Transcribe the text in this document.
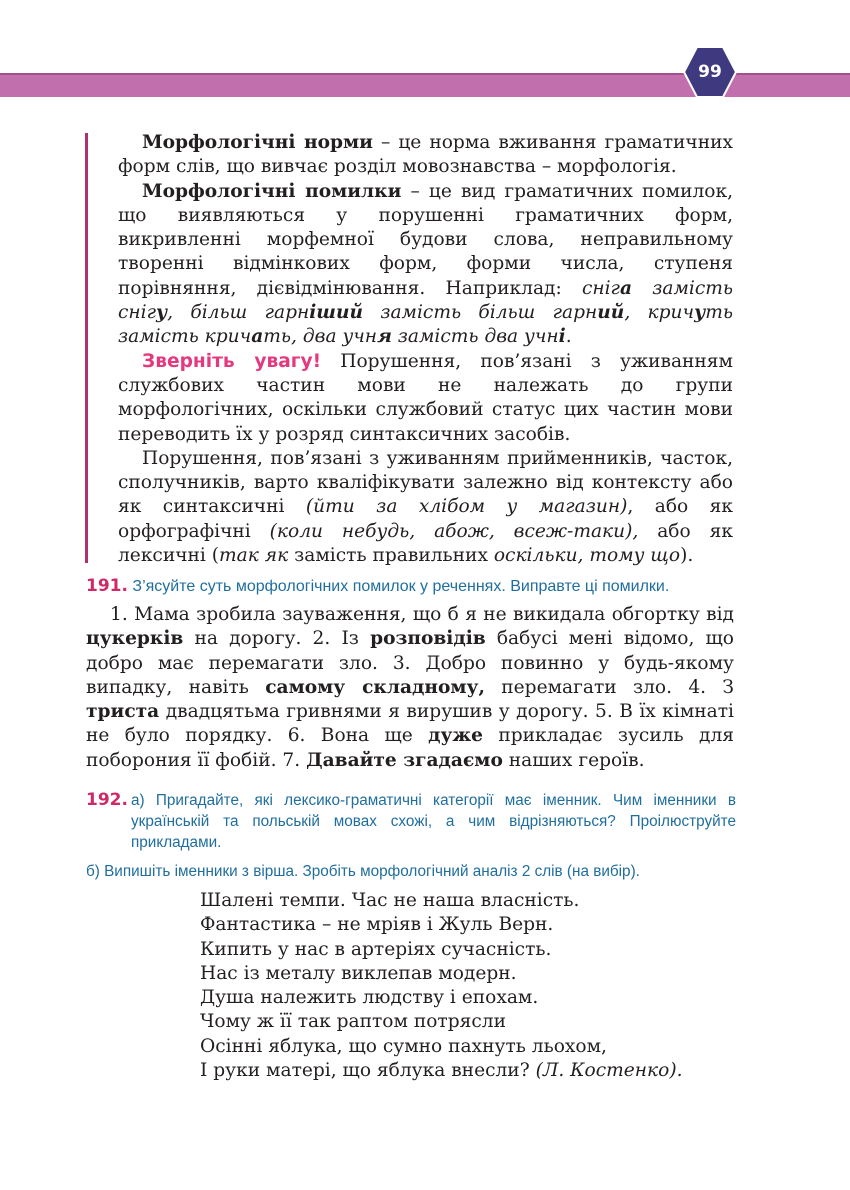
99

Морфологічні норми – це норма вживання граматичних форм слів, що вивчає розділ мовознавства – морфологія.

Морфологічні помилки – це вид граматичних помилок, що виявляються у порушенні граматичних форм, викривленні морфемної будови слова, неправильному творенні відмінкових форм, форми числа, ступеня порівняння, дієвідмінювання. Наприклад: сніга замість снігу, більш гарніший замість більш гарний, кричуть замість кричать, два учня замість два учні.

Зверніть увагу! Порушення, пов’язані з уживанням службових частин мови не належать до групи морфологічних, оскільки службовий статус цих частин мови переводить їх у розряд синтаксичних засобів.

Порушення, пов’язані з уживанням прийменників, часток, сполучників, варто кваліфікувати залежно від контексту або як синтаксичні (йти за хлібом у магазин), або як орфографічні (коли небудь, абож, всеж-таки), або як лексичні (так як замість правильних оскільки, тому що).

191. З’ясуйте суть морфологічних помилок у реченнях. Виправте ці помилки.

1. Мама зробила зауваження, що б я не викидала обгортку від цукерків на дорогу. 2. Із розповідів бабусі мені відомо, що добро має перемагати зло. 3. Добро повинно у будь-якому випадку, навіть самому складному, перемагати зло. 4. З триста двадцятьма гривнями я вирушив у дорогу. 5. В їх кімнаті не було порядку. 6. Вона ще дуже прикладає зусиль для поборония її фобій. 7. Давайте згадаємо наших героїв.

192. а) Пригадайте, які лексико-граматичні категорії має іменник. Чим іменники в українській та польській мовах схожі, а чим відрізняються? Проілюструйте прикладами.
б) Випишіть іменники з вірша. Зробіть морфологічний аналіз 2 слів (на вибір).
Шалені темпи. Час не наша власність.
Фантастика – не мріяв і Жуль Верн.
Кипить у нас в артеріях сучасність.
Нас із металу виклепав модерн.
Душа належить людству і епохам.
Чому ж її так раптом потрясли
Осінні яблука, що сумно пахнуть льохом,
І руки матері, що яблука внесли? (Л. Костенко).
